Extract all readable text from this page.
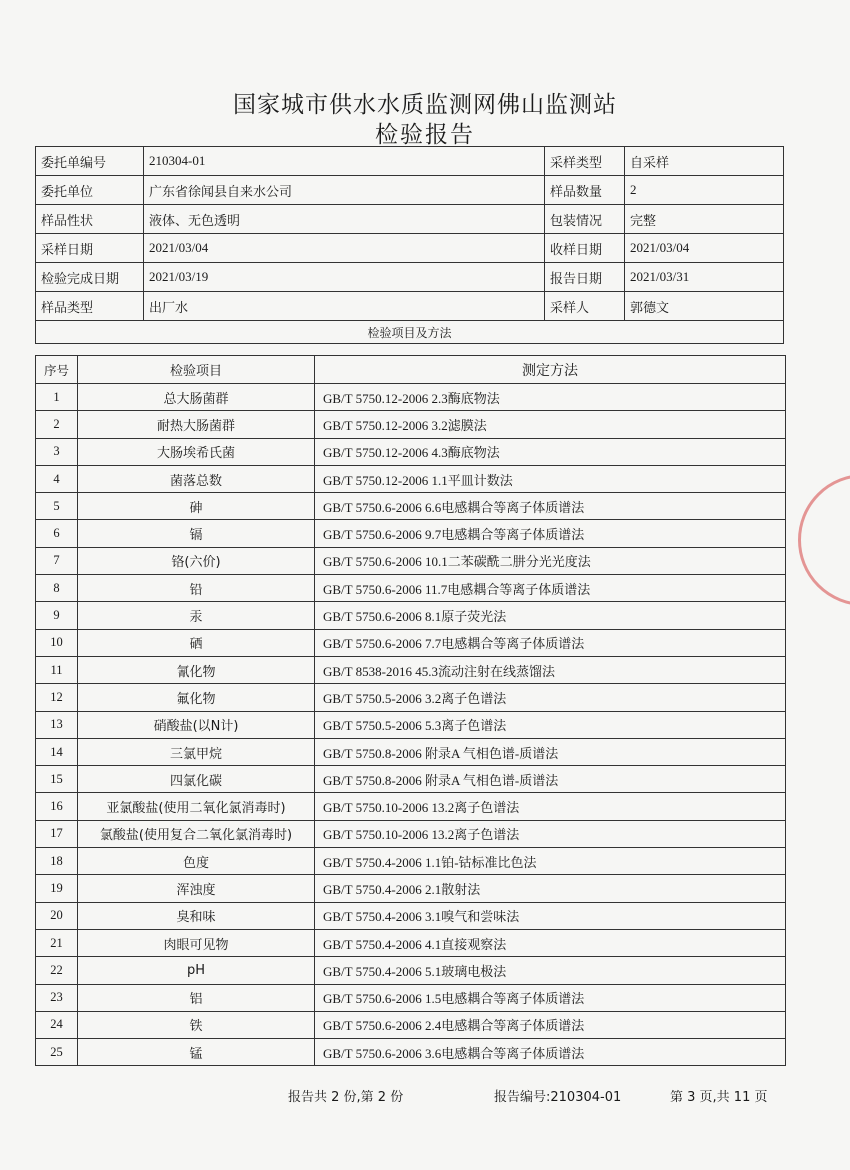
国家城市供水水质监测网佛山监测站
检验报告
委托单编号	210304-01	采样类型	自采样
委托单位	广东省徐闻县自来水公司	样品数量	2
样品性状	液体、无色透明	包装情况	完整
采样日期	2021/03/04	收样日期	2021/03/04
检验完成日期	2021/03/19	报告日期	2021/03/31
样品类型	出厂水	采样人	郭德文
检验项目及方法			
序号	检验项目	测定方法
1	总大肠菌群	GB/T 5750.12-2006 2.3酶底物法
2	耐热大肠菌群	GB/T 5750.12-2006 3.2滤膜法
3	大肠埃希氏菌	GB/T 5750.12-2006 4.3酶底物法
4	菌落总数	GB/T 5750.12-2006 1.1平皿计数法
5	砷	GB/T 5750.6-2006 6.6电感耦合等离子体质谱法
6	镉	GB/T 5750.6-2006 9.7电感耦合等离子体质谱法
7	铬(六价)	GB/T 5750.6-2006 10.1二苯碳酰二肼分光光度法
8	铅	GB/T 5750.6-2006 11.7电感耦合等离子体质谱法
9	汞	GB/T 5750.6-2006 8.1原子荧光法
10	硒	GB/T 5750.6-2006 7.7电感耦合等离子体质谱法
11	氰化物	GB/T 8538-2016 45.3流动注射在线蒸馏法
12	氟化物	GB/T 5750.5-2006 3.2离子色谱法
13	硝酸盐(以N计)	GB/T 5750.5-2006 5.3离子色谱法
14	三氯甲烷	GB/T 5750.8-2006 附录A 气相色谱-质谱法
15	四氯化碳	GB/T 5750.8-2006 附录A 气相色谱-质谱法
16	亚氯酸盐(使用二氧化氯消毒时)	GB/T 5750.10-2006 13.2离子色谱法
17	氯酸盐(使用复合二氧化氯消毒时)	GB/T 5750.10-2006 13.2离子色谱法
18	色度	GB/T 5750.4-2006 1.1铂-钴标准比色法
19	浑浊度	GB/T 5750.4-2006 2.1散射法
20	臭和味	GB/T 5750.4-2006 3.1嗅气和尝味法
21	肉眼可见物	GB/T 5750.4-2006 4.1直接观察法
22	pH	GB/T 5750.4-2006 5.1玻璃电极法
23	铝	GB/T 5750.6-2006 1.5电感耦合等离子体质谱法
24	铁	GB/T 5750.6-2006 2.4电感耦合等离子体质谱法
25	锰	GB/T 5750.6-2006 3.6电感耦合等离子体质谱法
报告共 2 份,第 2 份	报告编号:210304-01	第 3 页,共 11 页
